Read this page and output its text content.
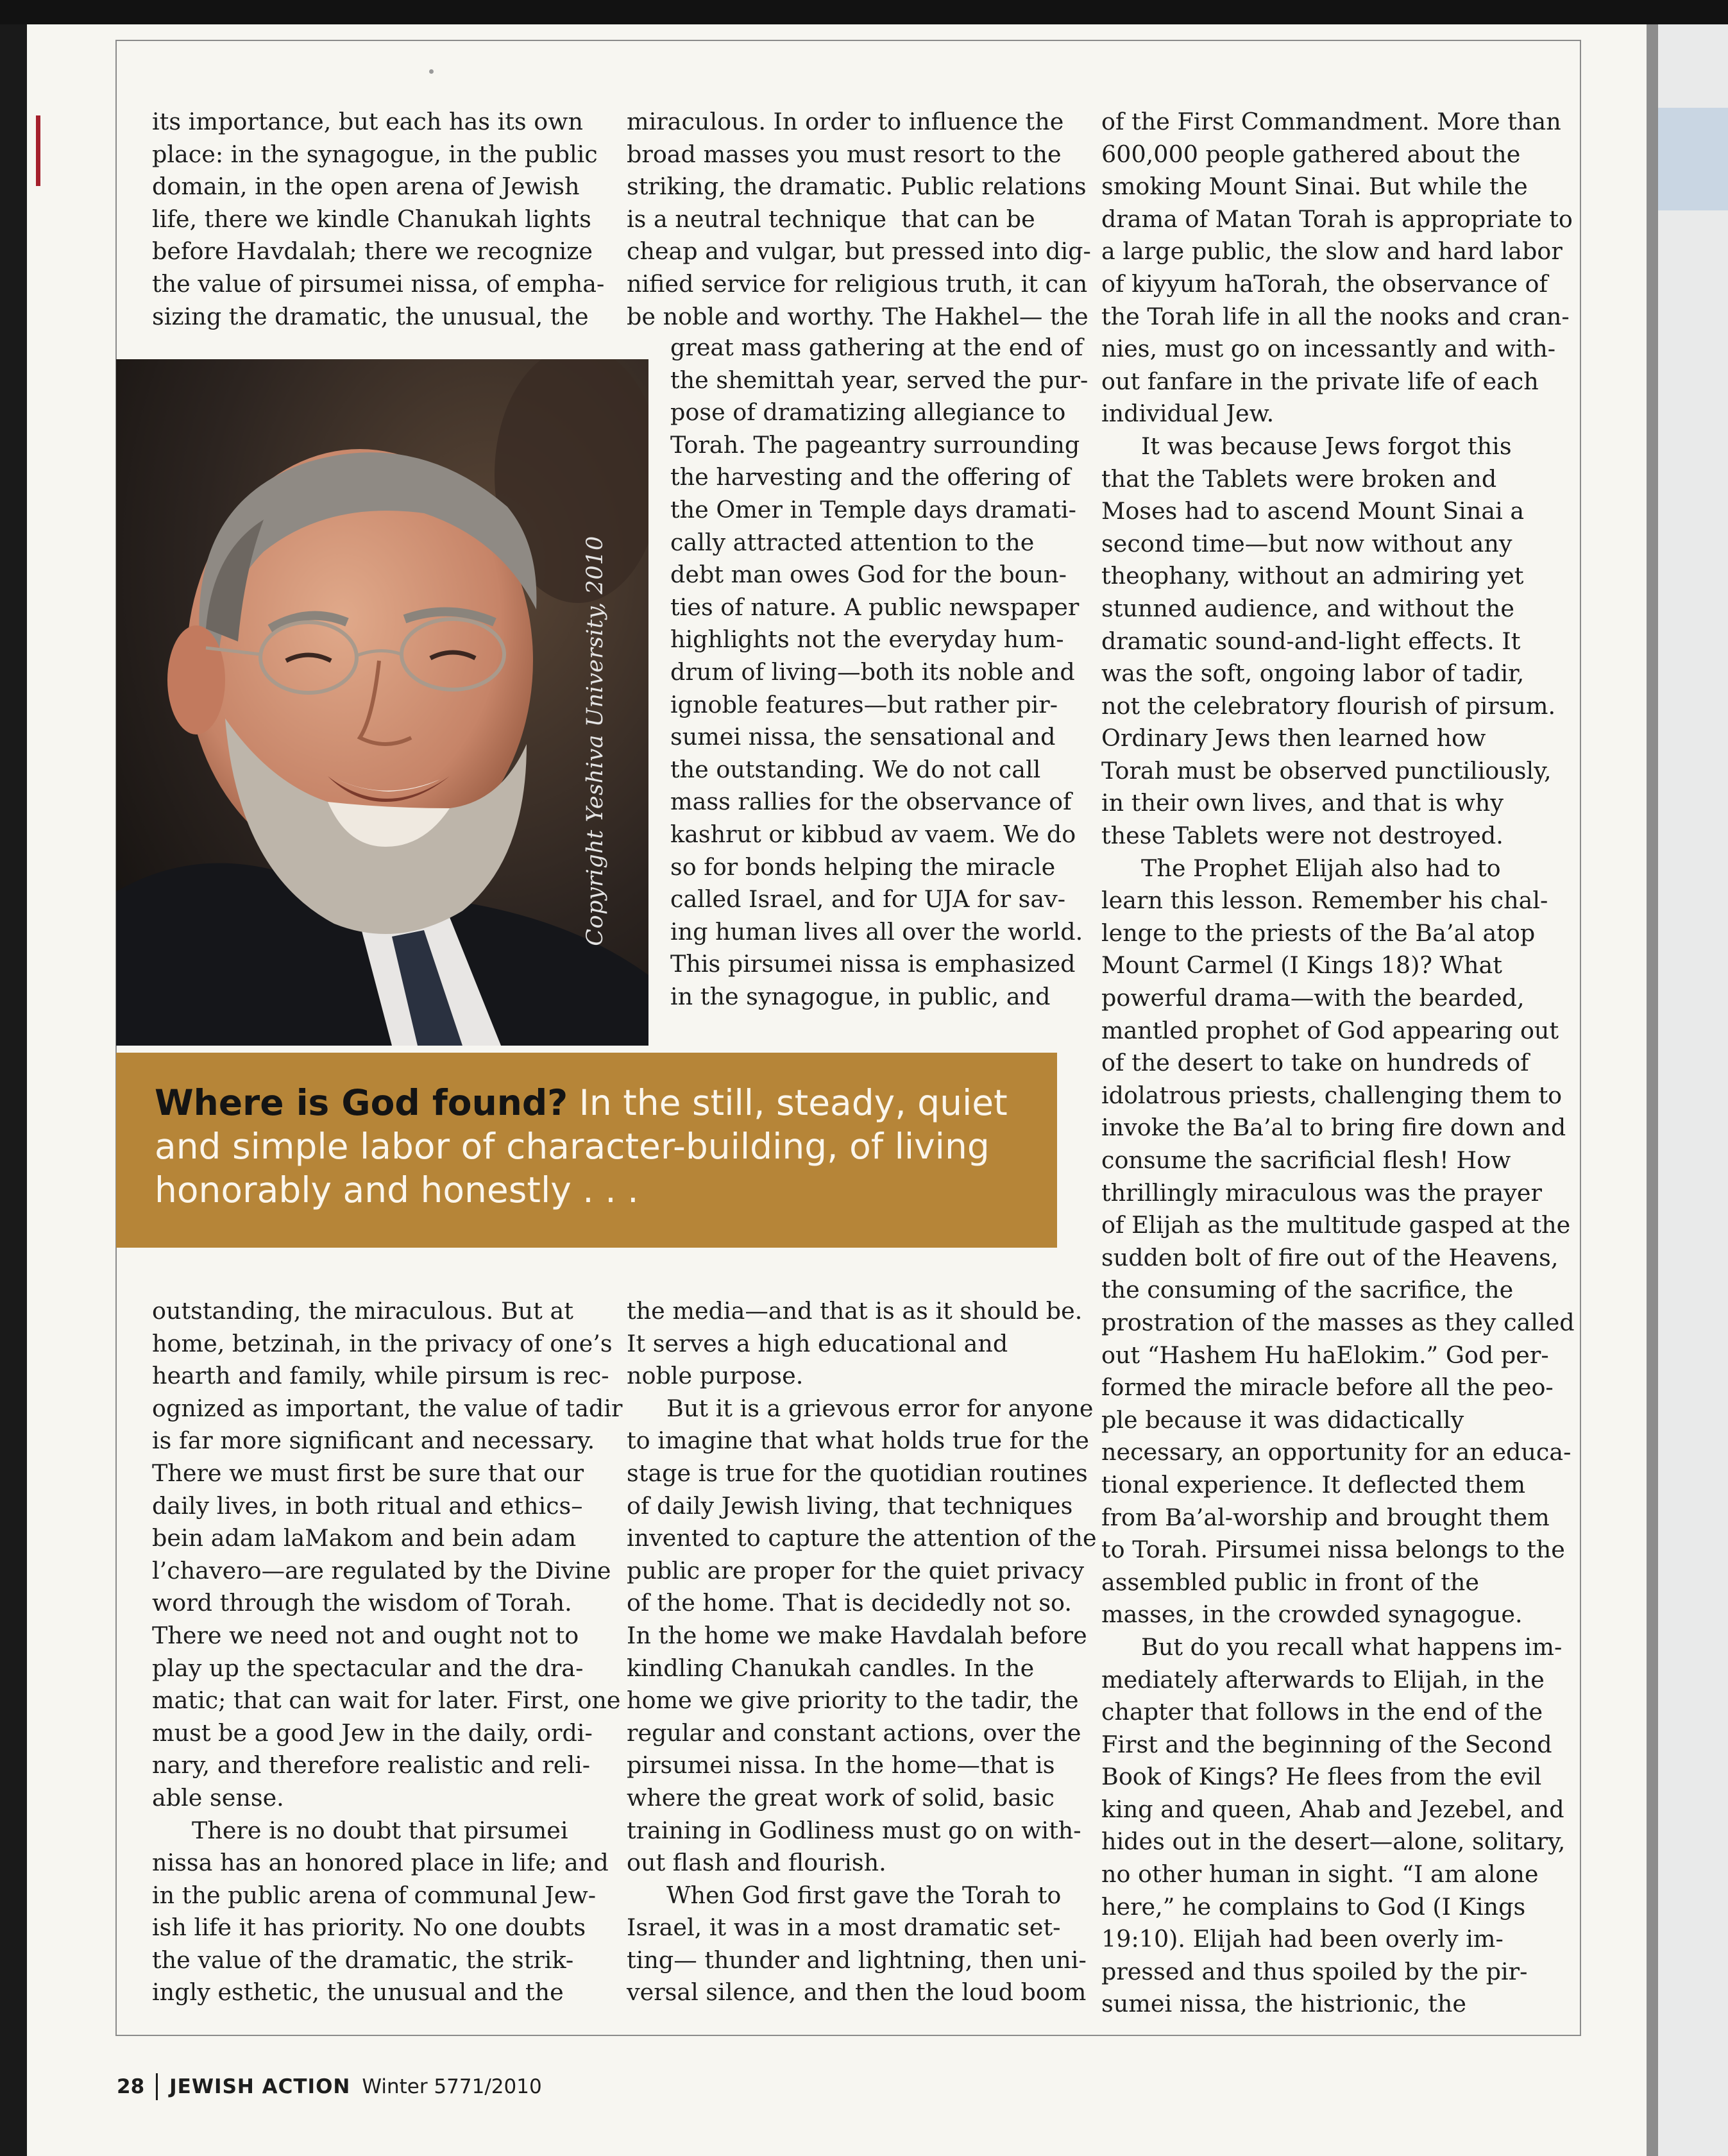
its importance, but each has its own
place: in the synagogue, in the public
domain, in the open arena of Jewish
life, there we kindle Chanukah lights
before Havdalah; there we recognize
the value of pirsumei nissa, of empha-
sizing the dramatic, the unusual, the
miraculous. In order to influence the
broad masses you must resort to the
striking, the dramatic. Public relations
is a neutral technique  that can be
cheap and vulgar, but pressed into dig-
nified service for religious truth, it can
be noble and worthy. The Hakhel— the
Copyright Yeshiva University, 2010
great mass gathering at the end of
the shemittah year, served the pur-
pose of dramatizing allegiance to
Torah. The pageantry surrounding
the harvesting and the offering of
the Omer in Temple days dramati-
cally attracted attention to the
debt man owes God for the boun-
ties of nature. A public newspaper
highlights not the everyday hum-
drum of living—both its noble and
ignoble features—but rather pir-
sumei nissa, the sensational and
the outstanding. We do not call
mass rallies for the observance of
kashrut or kibbud av vaem. We do
so for bonds helping the miracle
called Israel, and for UJA for sav-
ing human lives all over the world.
This pirsumei nissa is emphasized
in the synagogue, in public, and
of the First Commandment. More than
600,000 people gathered about the
smoking Mount Sinai. But while the
drama of Matan Torah is appropriate to
a large public, the slow and hard labor
of kiyyum haTorah, the observance of
the Torah life in all the nooks and cran-
nies, must go on incessantly and with-
out fanfare in the private life of each
individual Jew.
It was because Jews forgot this
that the Tablets were broken and
Moses had to ascend Mount Sinai a
second time—but now without any
theophany, without an admiring yet
stunned audience, and without the
dramatic sound-and-light effects. It
was the soft, ongoing labor of tadir,
not the celebratory flourish of pirsum.
Ordinary Jews then learned how
Torah must be observed punctiliously,
in their own lives, and that is why
these Tablets were not destroyed.
The Prophet Elijah also had to
learn this lesson. Remember his chal-
lenge to the priests of the Ba’al atop
Mount Carmel (I Kings 18)? What
powerful drama—with the bearded,
mantled prophet of God appearing out
of the desert to take on hundreds of
idolatrous priests, challenging them to
invoke the Ba’al to bring fire down and
consume the sacrificial flesh! How
thrillingly miraculous was the prayer
of Elijah as the multitude gasped at the
sudden bolt of fire out of the Heavens,
the consuming of the sacrifice, the
prostration of the masses as they called
out “Hashem Hu haElokim.” God per-
formed the miracle before all the peo-
ple because it was didactically
necessary, an opportunity for an educa-
tional experience. It deflected them
from Ba’al-worship and brought them
to Torah. Pirsumei nissa belongs to the
assembled public in front of the
masses, in the crowded synagogue.
But do you recall what happens im-
mediately afterwards to Elijah, in the
chapter that follows in the end of the
First and the beginning of the Second
Book of Kings? He flees from the evil
king and queen, Ahab and Jezebel, and
hides out in the desert—alone, solitary,
no other human in sight. “I am alone
here,” he complains to God (I Kings
19:10). Elijah had been overly im-
pressed and thus spoiled by the pir-
sumei nissa, the histrionic, the
Where is God found? In the still, steady, quiet
and simple labor of character-building, of living
honorably and honestly . . .
outstanding, the miraculous. But at
home, betzinah, in the privacy of one’s
hearth and family, while pirsum is rec-
ognized as important, the value of tadir
is far more significant and necessary.
There we must first be sure that our
daily lives, in both ritual and ethics–
bein adam laMakom and bein adam
l’chavero—are regulated by the Divine
word through the wisdom of Torah.
There we need not and ought not to
play up the spectacular and the dra-
matic; that can wait for later. First, one
must be a good Jew in the daily, ordi-
nary, and therefore realistic and reli-
able sense.
There is no doubt that pirsumei
nissa has an honored place in life; and
in the public arena of communal Jew-
ish life it has priority. No one doubts
the value of the dramatic, the strik-
ingly esthetic, the unusual and the
the media—and that is as it should be.
It serves a high educational and
noble purpose.
But it is a grievous error for anyone
to imagine that what holds true for the
stage is true for the quotidian routines
of daily Jewish living, that techniques
invented to capture the attention of the
public are proper for the quiet privacy
of the home. That is decidedly not so.
In the home we make Havdalah before
kindling Chanukah candles. In the
home we give priority to the tadir, the
regular and constant actions, over the
pirsumei nissa. In the home—that is
where the great work of solid, basic
training in Godliness must go on with-
out flash and flourish.
When God first gave the Torah to
Israel, it was in a most dramatic set-
ting— thunder and lightning, then uni-
versal silence, and then the loud boom
28 JEWISH ACTION Winter 5771/2010
